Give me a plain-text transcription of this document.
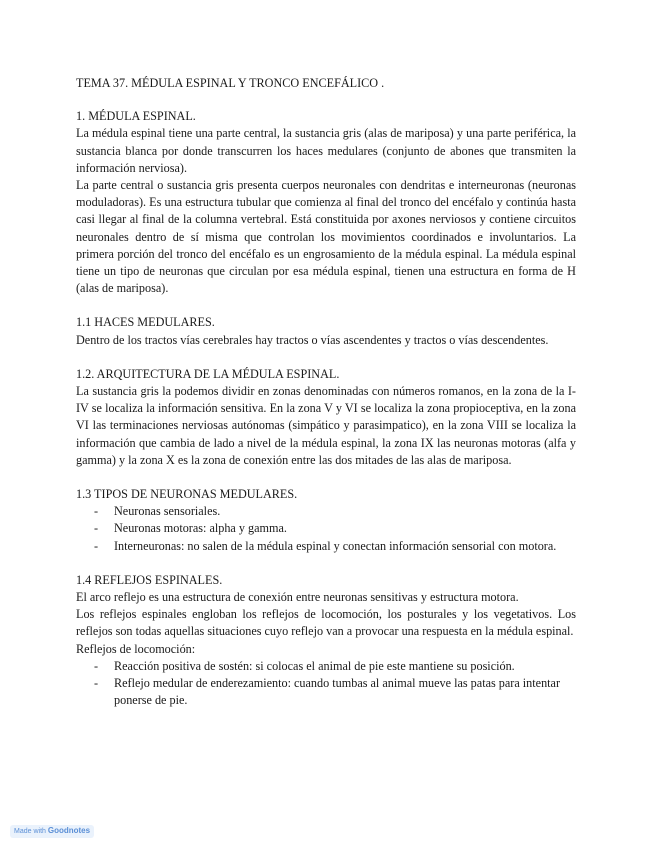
TEMA 37. MÉDULA ESPINAL Y TRONCO ENCEFÁLICO .
1. MÉDULA ESPINAL.

La médula espinal tiene una parte central, la sustancia gris (alas de mariposa) y una parte periférica, la sustancia blanca por donde transcurren los haces medulares (conjunto de abones que transmiten la información nerviosa).

La parte central o sustancia gris presenta cuerpos neuronales con dendritas e interneuronas (neuronas moduladoras). Es una estructura tubular que comienza al final del tronco del encéfalo y continúa hasta casi llegar al final de la columna vertebral. Está constituida por axones nerviosos y contiene circuitos neuronales dentro de sí misma que controlan los movimientos coordinados e involuntarios. La primera porción del tronco del encéfalo es un engrosamiento de la médula espinal. La médula espinal tiene un tipo de neuronas que circulan por esa médula espinal, tienen una estructura en forma de H (alas de mariposa).

1.1 HACES MEDULARES.

Dentro de los tractos vías cerebrales hay tractos o vías ascendentes y tractos o vías descendentes.

1.2. ARQUITECTURA DE LA MÉDULA ESPINAL.

La sustancia gris la podemos dividir en zonas denominadas con números romanos, en la zona de la I-IV se localiza la información sensitiva. En la zona V y VI se localiza la zona propioceptiva, en la zona VI las terminaciones nerviosas autónomas (simpático y parasimpatico), en la zona VIII se localiza la información que cambia de lado a nivel de la médula espinal, la zona IX las neuronas motoras (alfa y gamma) y la zona X es la zona de conexión entre las dos mitades de las alas de mariposa.

1.3 TIPOS DE NEURONAS MEDULARES.
- Neuronas sensoriales.
- Neuronas motoras: alpha y gamma.
- Interneuronas: no salen de la médula espinal y conectan información sensorial con motora.
1.4 REFLEJOS ESPINALES.

El arco reflejo es una estructura de conexión entre neuronas sensitivas y estructura motora.

Los reflejos espinales engloban los reflejos de locomoción, los posturales y los vegetativos. Los reflejos son todas aquellas situaciones cuyo reflejo van a provocar una respuesta en la médula espinal.

Reflejos de locomoción:

- Reacción positiva de sostén: si colocas el animal de pie este mantiene su posición.
- Reflejo medular de enderezamiento: cuando tumbas al animal mueve las patas para intentar ponerse de pie.
Made with Goodnotes
